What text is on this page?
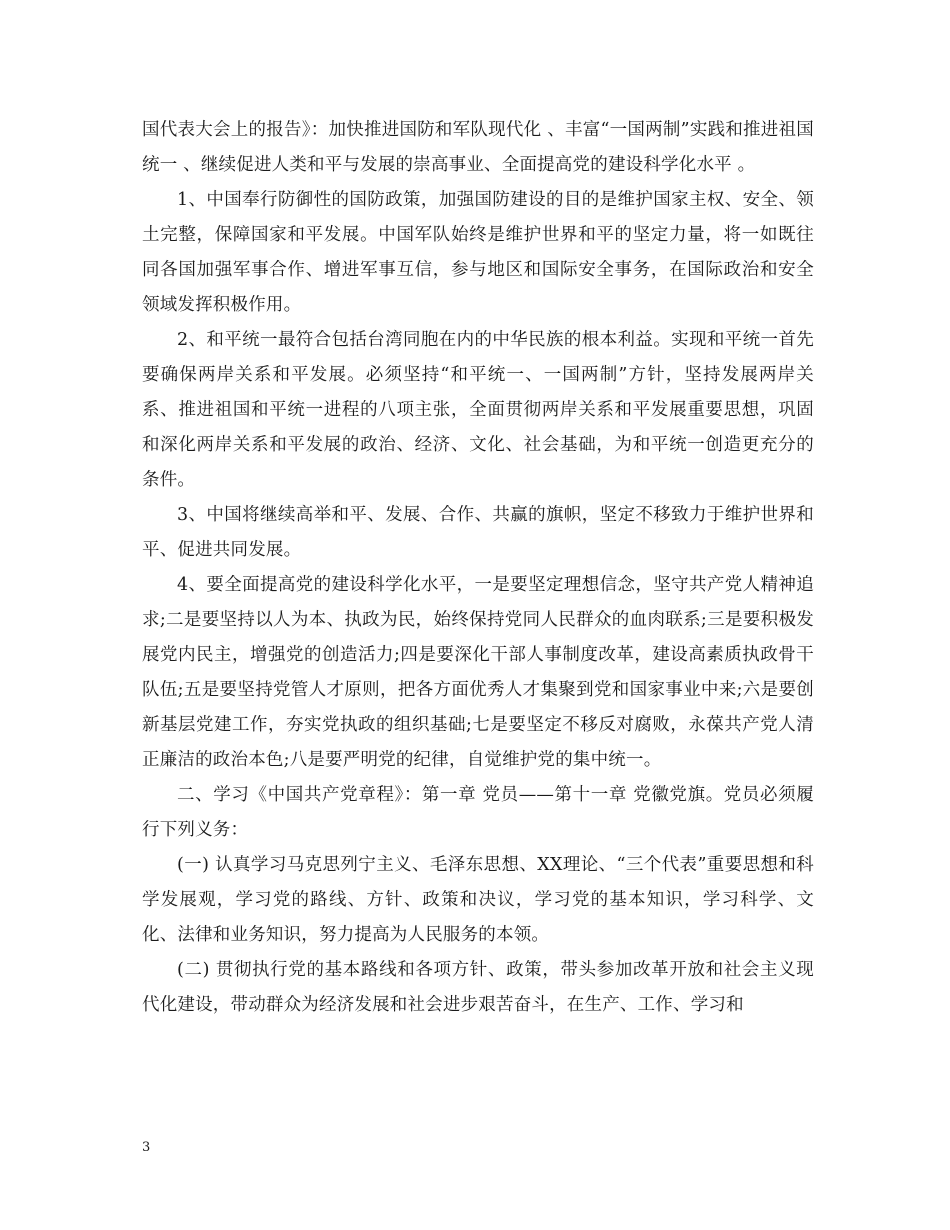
国代表大会上的报告》：加快推进国防和军队现代化 、丰富“一国两制”实践和推进祖国统一 、继续促进人类和平与发展的崇高事业、全面提高党的建设科学化水平 。

1、中国奉行防御性的国防政策，加强国防建设的目的是维护国家主权、安全、领土完整，保障国家和平发展。中国军队始终是维护世界和平的坚定力量，将一如既往同各国加强军事合作、增进军事互信，参与地区和国际安全事务，在国际政治和安全领域发挥积极作用。

2、和平统一最符合包括台湾同胞在内的中华民族的根本利益。实现和平统一首先要确保两岸关系和平发展。必须坚持“和平统一、一国两制”方针，坚持发展两岸关系、推进祖国和平统一进程的八项主张，全面贯彻两岸关系和平发展重要思想，巩固和深化两岸关系和平发展的政治、经济、文化、社会基础，为和平统一创造更充分的条件。

3、中国将继续高举和平、发展、合作、共赢的旗帜，坚定不移致力于维护世界和平、促进共同发展。

4、要全面提高党的建设科学化水平，一是要坚定理想信念，坚守共产党人精神追求;二是要坚持以人为本、执政为民，始终保持党同人民群众的血肉联系;三是要积极发展党内民主，增强党的创造活力;四是要深化干部人事制度改革，建设高素质执政骨干队伍;五是要坚持党管人才原则，把各方面优秀人才集聚到党和国家事业中来;六是要创新基层党建工作，夯实党执政的组织基础;七是要坚定不移反对腐败，永葆共产党人清正廉洁的政治本色;八是要严明党的纪律，自觉维护党的集中统一。

二、学习《中国共产党章程》：第一章 党员——第十一章 党徽党旗。党员必须履行下列义务：

(一) 认真学习马克思列宁主义、毛泽东思想、XX理论、“三个代表”重要思想和科学发展观，学习党的路线、方针、政策和决议，学习党的基本知识，学习科学、文化、法律和业务知识，努力提高为人民服务的本领。

(二) 贯彻执行党的基本路线和各项方针、政策，带头参加改革开放和社会主义现代化建设，带动群众为经济发展和社会进步艰苦奋斗，在生产、工作、学习和

3
